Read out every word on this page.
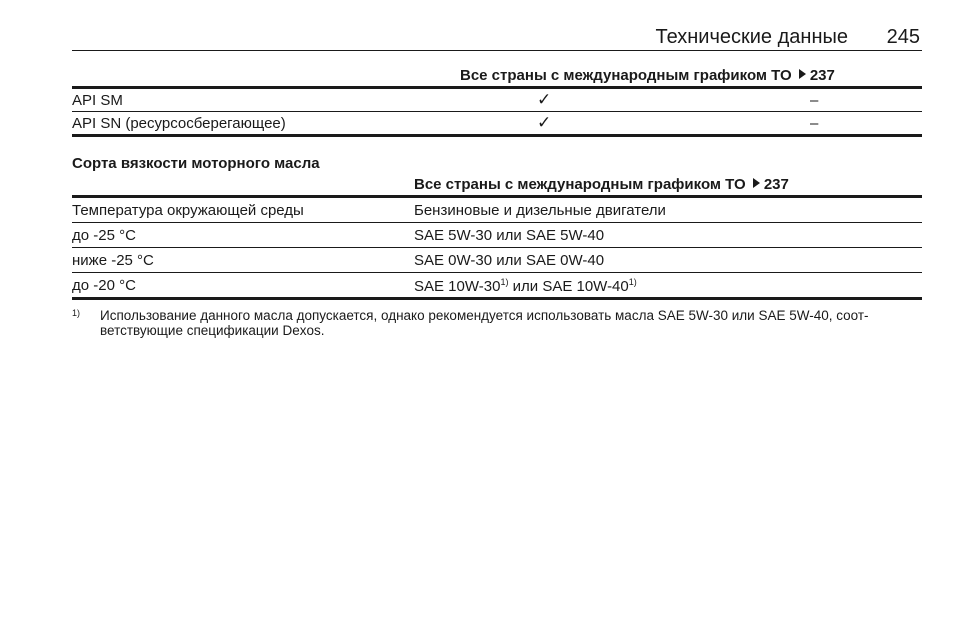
Технические данные 245
Все страны с международным графиком ТО 237
API SM	✓	–
API SN (ресурсосберегающее)	✓	–
Сорта вязкости моторного масла
Все страны с международным графиком ТО 237
Температура окружающей среды	Бензиновые и дизельные двигатели
до -25 °C	SAE 5W-30 или SAE 5W-40
ниже -25 °C	SAE 0W-30 или SAE 0W-40
до -20 °C	SAE 10W-30$^{1)}$ или SAE 10W-40$^{1)}$
1) Использование данного масла допускается, однако рекомендуется использовать масла SAE 5W-30 или SAE 5W-40, соот- ветствующие спецификации Dexos.
